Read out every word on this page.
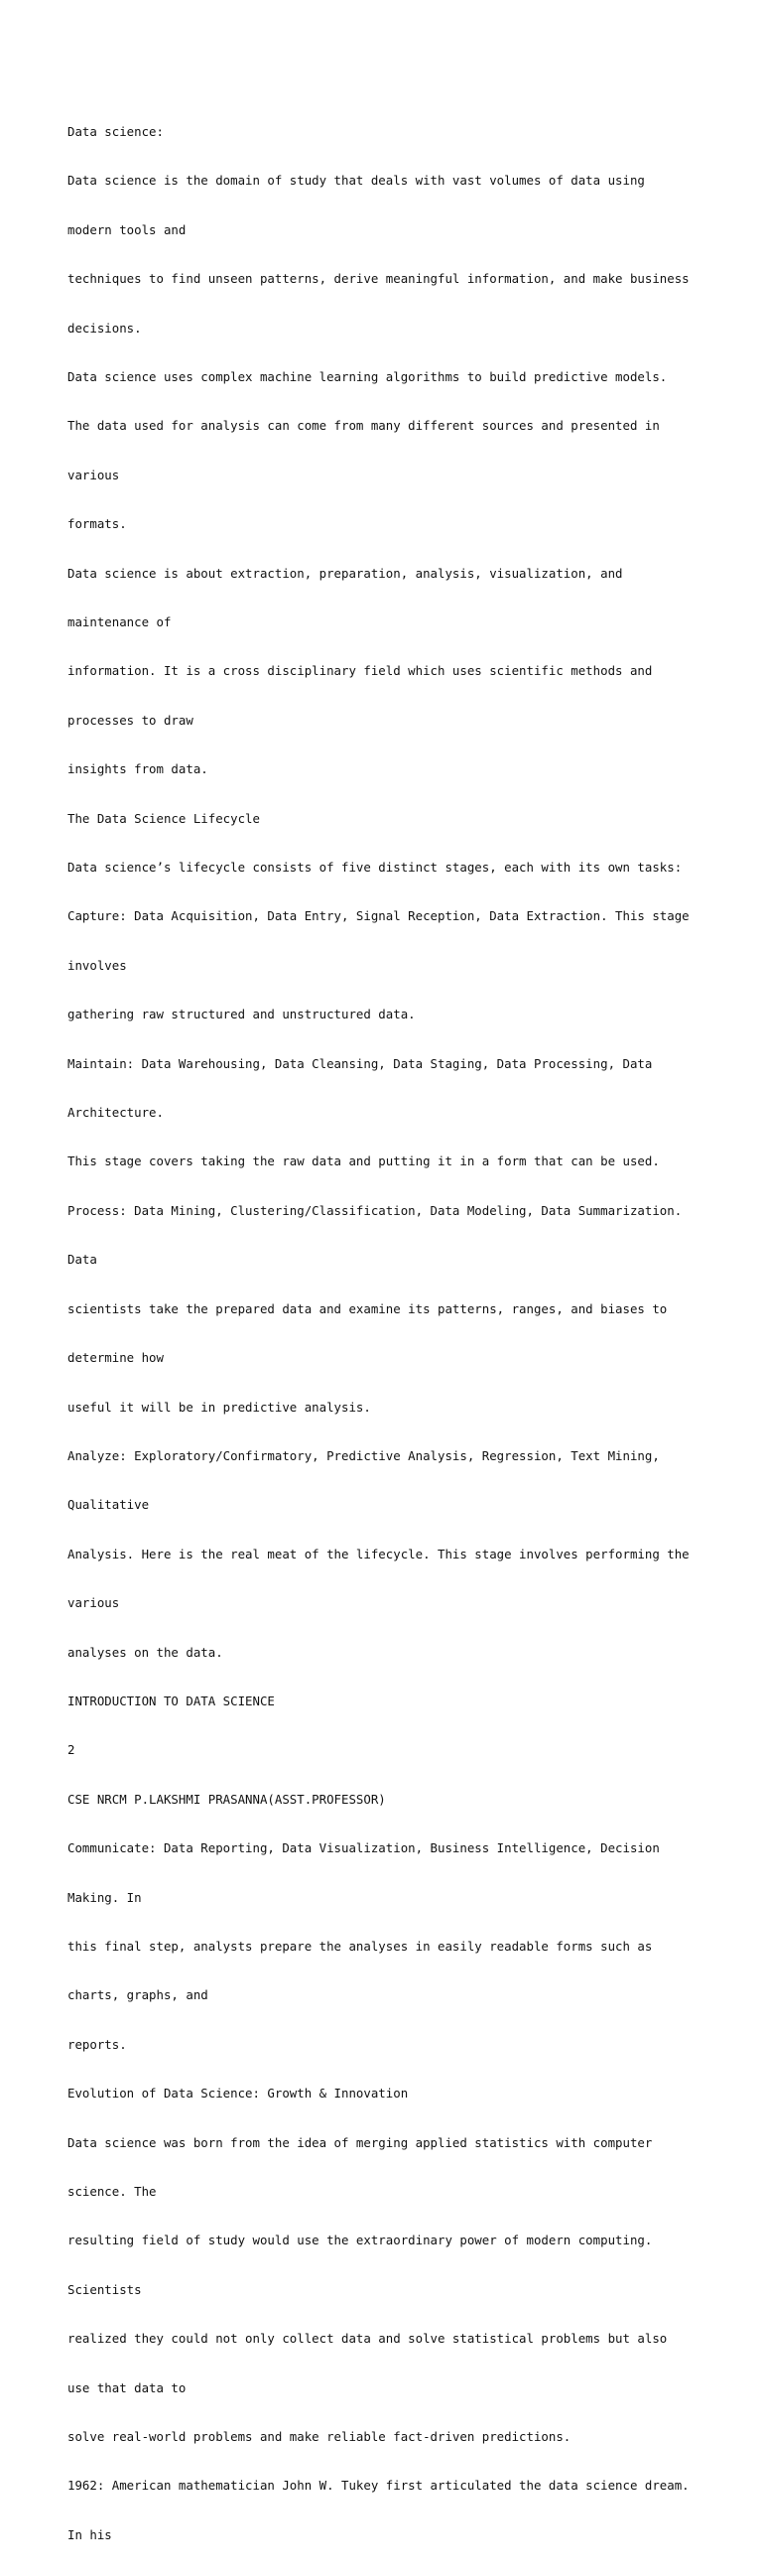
Data science:

Data science is the domain of study that deals with vast volumes of data using

modern tools and

techniques to find unseen patterns, derive meaningful information, and make business

decisions.

Data science uses complex machine learning algorithms to build predictive models.

The data used for analysis can come from many different sources and presented in

various

formats.

Data science is about extraction, preparation, analysis, visualization, and

maintenance of

information. It is a cross disciplinary field which uses scientific methods and

processes to draw

insights from data.

The Data Science Lifecycle

Data science’s lifecycle consists of five distinct stages, each with its own tasks:

Capture: Data Acquisition, Data Entry, Signal Reception, Data Extraction. This stage

involves

gathering raw structured and unstructured data.

Maintain: Data Warehousing, Data Cleansing, Data Staging, Data Processing, Data

Architecture.

This stage covers taking the raw data and putting it in a form that can be used.

Process: Data Mining, Clustering/Classification, Data Modeling, Data Summarization.

Data

scientists take the prepared data and examine its patterns, ranges, and biases to

determine how

useful it will be in predictive analysis.

Analyze: Exploratory/Confirmatory, Predictive Analysis, Regression, Text Mining,

Qualitative

Analysis. Here is the real meat of the lifecycle. This stage involves performing the

various

analyses on the data.

INTRODUCTION TO DATA SCIENCE

2

CSE NRCM P.LAKSHMI PRASANNA(ASST.PROFESSOR)

Communicate: Data Reporting, Data Visualization, Business Intelligence, Decision

Making. In

this final step, analysts prepare the analyses in easily readable forms such as

charts, graphs, and

reports.

Evolution of Data Science: Growth & Innovation

Data science was born from the idea of merging applied statistics with computer

science. The

resulting field of study would use the extraordinary power of modern computing.

Scientists

realized they could not only collect data and solve statistical problems but also

use that data to

solve real-world problems and make reliable fact-driven predictions.

1962: American mathematician John W. Tukey first articulated the data science dream.

In his
